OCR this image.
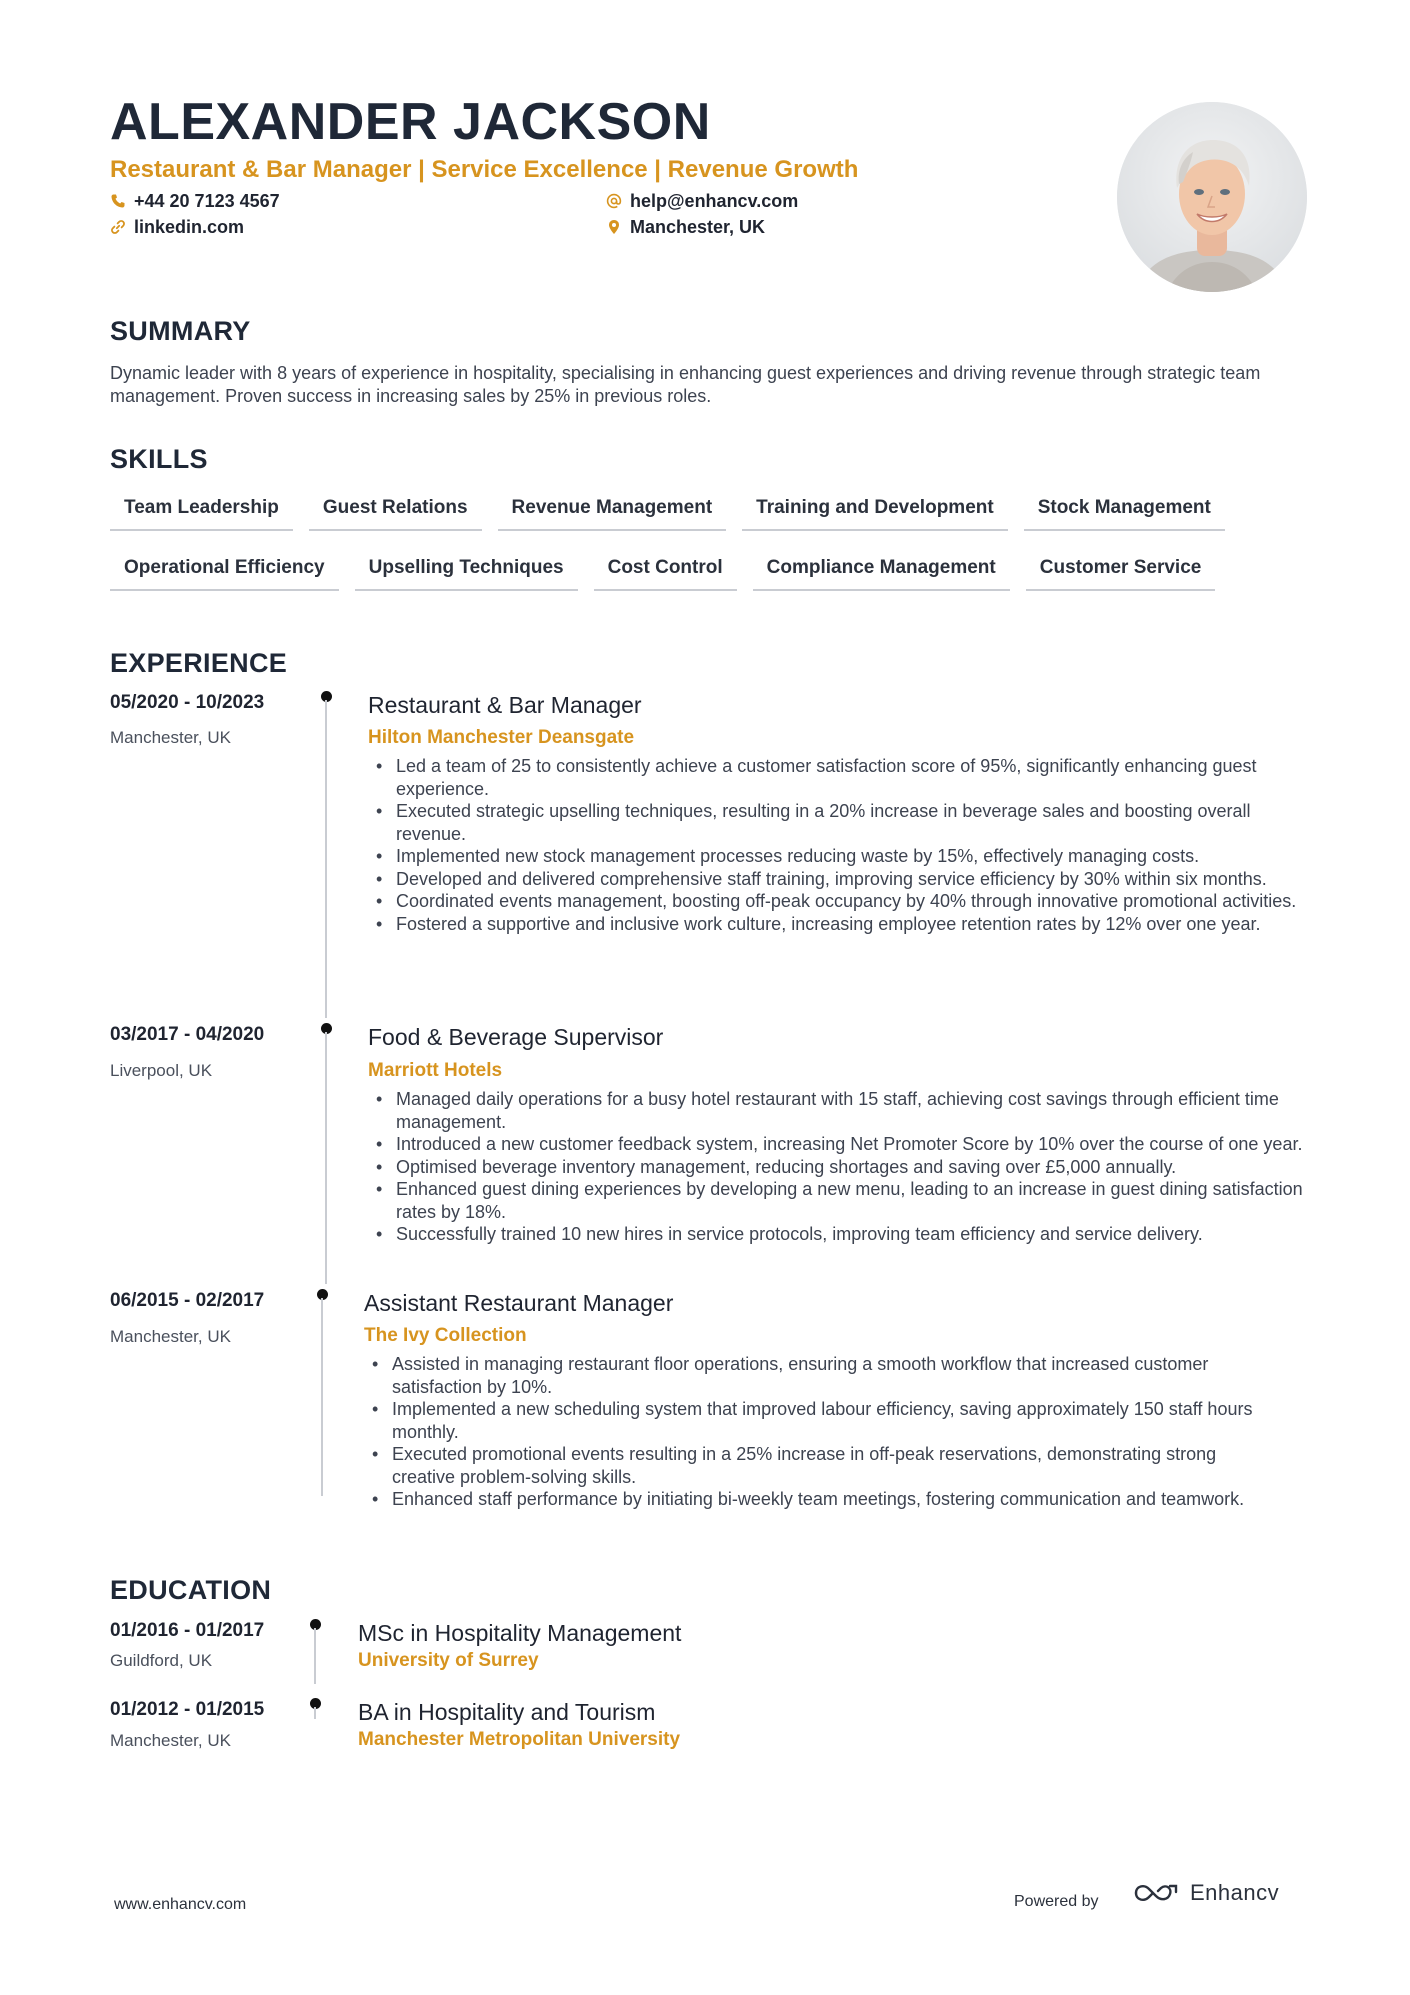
ALEXANDER JACKSON
Restaurant & Bar Manager | Service Excellence | Revenue Growth
+44 20 7123 4567
linkedin.com
help@enhancv.com
Manchester, UK
SUMMARY
Dynamic leader with 8 years of experience in hospitality, specialising in enhancing guest experiences and driving revenue through strategic team management. Proven success in increasing sales by 25% in previous roles.
SKILLS
Team Leadership	Guest Relations	Revenue Management	Training and Development	Stock Management
Operational Efficiency	Upselling Techniques	Cost Control	Compliance Management	Customer Service
EXPERIENCE
05/2020 - 10/2023
Manchester, UK
Restaurant & Bar Manager
Hilton Manchester Deansgate
• Led a team of 25 to consistently achieve a customer satisfaction score of 95%, significantly enhancing guest experience.
• Executed strategic upselling techniques, resulting in a 20% increase in beverage sales and boosting overall revenue.
• Implemented new stock management processes reducing waste by 15%, effectively managing costs.
• Developed and delivered comprehensive staff training, improving service efficiency by 30% within six months.
• Coordinated events management, boosting off-peak occupancy by 40% through innovative promotional activities.
• Fostered a supportive and inclusive work culture, increasing employee retention rates by 12% over one year.
03/2017 - 04/2020
Liverpool, UK
Food & Beverage Supervisor
Marriott Hotels
• Managed daily operations for a busy hotel restaurant with 15 staff, achieving cost savings through efficient time management.
• Introduced a new customer feedback system, increasing Net Promoter Score by 10% over the course of one year.
• Optimised beverage inventory management, reducing shortages and saving over £5,000 annually.
• Enhanced guest dining experiences by developing a new menu, leading to an increase in guest dining satisfaction rates by 18%.
• Successfully trained 10 new hires in service protocols, improving team efficiency and service delivery.
06/2015 - 02/2017
Manchester, UK
Assistant Restaurant Manager
The Ivy Collection
• Assisted in managing restaurant floor operations, ensuring a smooth workflow that increased customer satisfaction by 10%.
• Implemented a new scheduling system that improved labour efficiency, saving approximately 150 staff hours monthly.
• Executed promotional events resulting in a 25% increase in off-peak reservations, demonstrating strong creative problem-solving skills.
• Enhanced staff performance by initiating bi-weekly team meetings, fostering communication and teamwork.
EDUCATION
01/2016 - 01/2017
Guildford, UK
MSc in Hospitality Management
University of Surrey
01/2012 - 01/2015
Manchester, UK
BA in Hospitality and Tourism
Manchester Metropolitan University
www.enhancv.com	Powered by	Enhancv
